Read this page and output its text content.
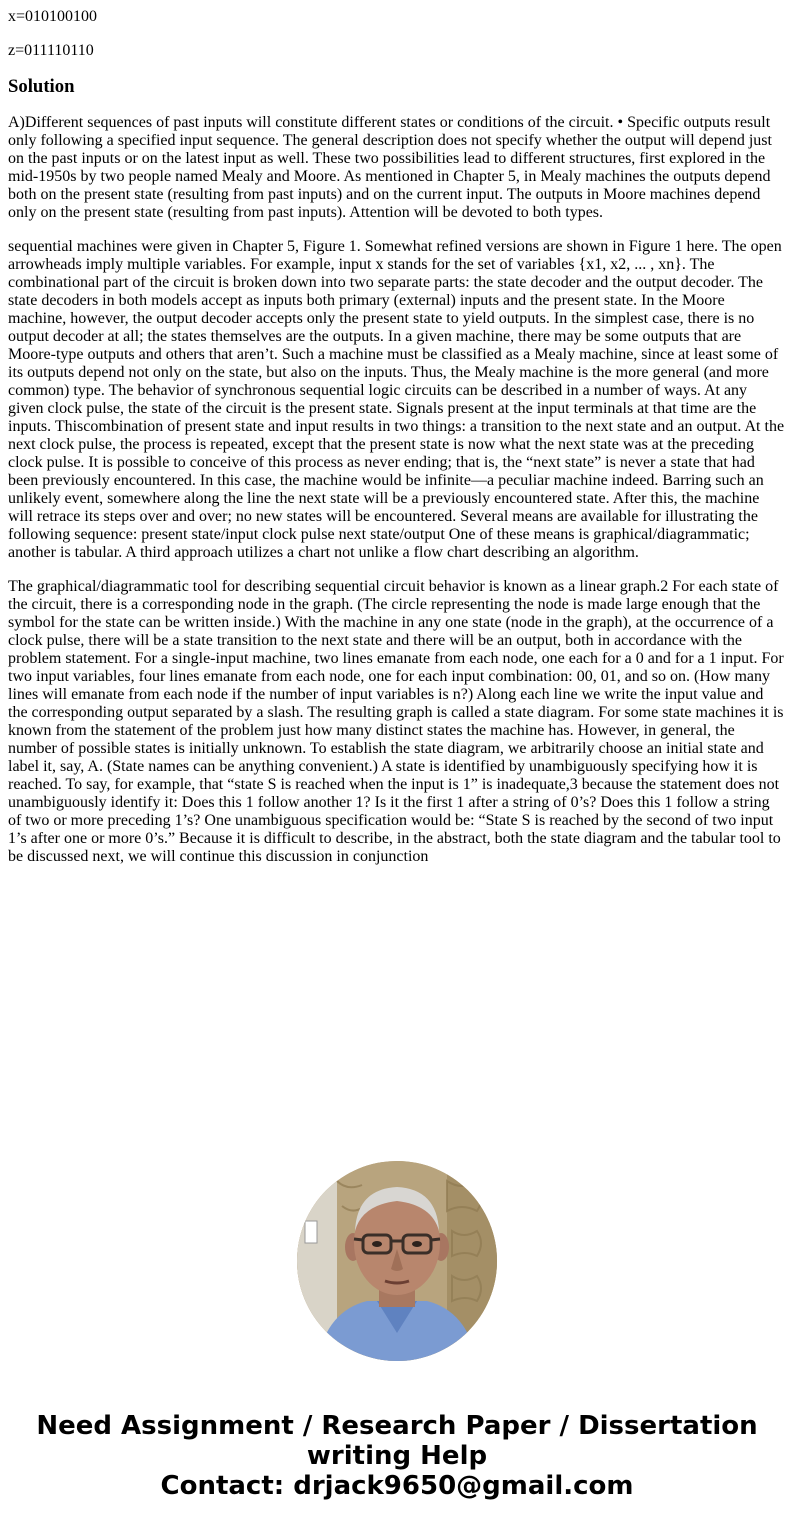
x=010100100

z=011110110

Solution

A)Different sequences of past inputs will constitute different states or conditions of the circuit. • Specific outputs result only following a specified input sequence. The general description does not specify whether the output will depend just on the past inputs or on the latest input as well. These two possibilities lead to different structures, first explored in the mid-1950s by two people named Mealy and Moore. As mentioned in Chapter 5, in Mealy machines the outputs depend both on the present state (resulting from past inputs) and on the current input. The outputs in Moore machines depend only on the present state (resulting from past inputs). Attention will be devoted to both types.

sequential machines were given in Chapter 5, Figure 1. Somewhat refined versions are shown in Figure 1 here. The open arrowheads imply multiple variables. For example, input x stands for the set of variables {x1, x2, ... , xn}. The combinational part of the circuit is broken down into two separate parts: the state decoder and the output decoder. The state decoders in both models accept as inputs both primary (external) inputs and the present state. In the Moore machine, however, the output decoder accepts only the present state to yield outputs. In the simplest case, there is no output decoder at all; the states themselves are the outputs. In a given machine, there may be some outputs that are Moore-type outputs and others that aren’t. Such a machine must be classified as a Mealy machine, since at least some of its outputs depend not only on the state, but also on the inputs. Thus, the Mealy machine is the more general (and more common) type. The behavior of synchronous sequential logic circuits can be described in a number of ways. At any given clock pulse, the state of the circuit is the present state. Signals present at the input terminals at that time are the inputs. Thiscombination of present state and input results in two things: a transition to the next state and an output. At the next clock pulse, the process is repeated, except that the present state is now what the next state was at the preceding clock pulse. It is possible to conceive of this process as never ending; that is, the “next state” is never a state that had been previously encountered. In this case, the machine would be infinite—a peculiar machine indeed. Barring such an unlikely event, somewhere along the line the next state will be a previously encountered state. After this, the machine will retrace its steps over and over; no new states will be encountered. Several means are available for illustrating the following sequence: present state/input clock pulse next state/output One of these means is graphical/diagrammatic; another is tabular. A third approach utilizes a chart not unlike a flow chart describing an algorithm.

The graphical/diagrammatic tool for describing sequential circuit behavior is known as a linear graph.2 For each state of the circuit, there is a corresponding node in the graph. (The circle representing the node is made large enough that the symbol for the state can be written inside.) With the machine in any one state (node in the graph), at the occurrence of a clock pulse, there will be a state transition to the next state and there will be an output, both in accordance with the problem statement. For a single-input machine, two lines emanate from each node, one each for a 0 and for a 1 input. For two input variables, four lines emanate from each node, one for each input combination: 00, 01, and so on. (How many lines will emanate from each node if the number of input variables is n?) Along each line we write the input value and the corresponding output separated by a slash. The resulting graph is called a state diagram. For some state machines it is known from the statement of the problem just how many distinct states the machine has. However, in general, the number of possible states is initially unknown. To establish the state diagram, we arbitrarily choose an initial state and label it, say, A. (State names can be anything convenient.) A state is identified by unambiguously specifying how it is reached. To say, for example, that “state S is reached when the input is 1” is inadequate,3 because the statement does not unambiguously identify it: Does this 1 follow another 1? Is it the first 1 after a string of 0’s? Does this 1 follow a string of two or more preceding 1’s? One unambiguous specification would be: “State S is reached by the second of two input 1’s after one or more 0’s.” Because it is difficult to describe, in the abstract, both the state diagram and the tabular tool to be discussed next, we will continue this discussion in conjunction

Need Assignment / Research Paper / Dissertation
writing Help
Contact: drjack9650@gmail.com
